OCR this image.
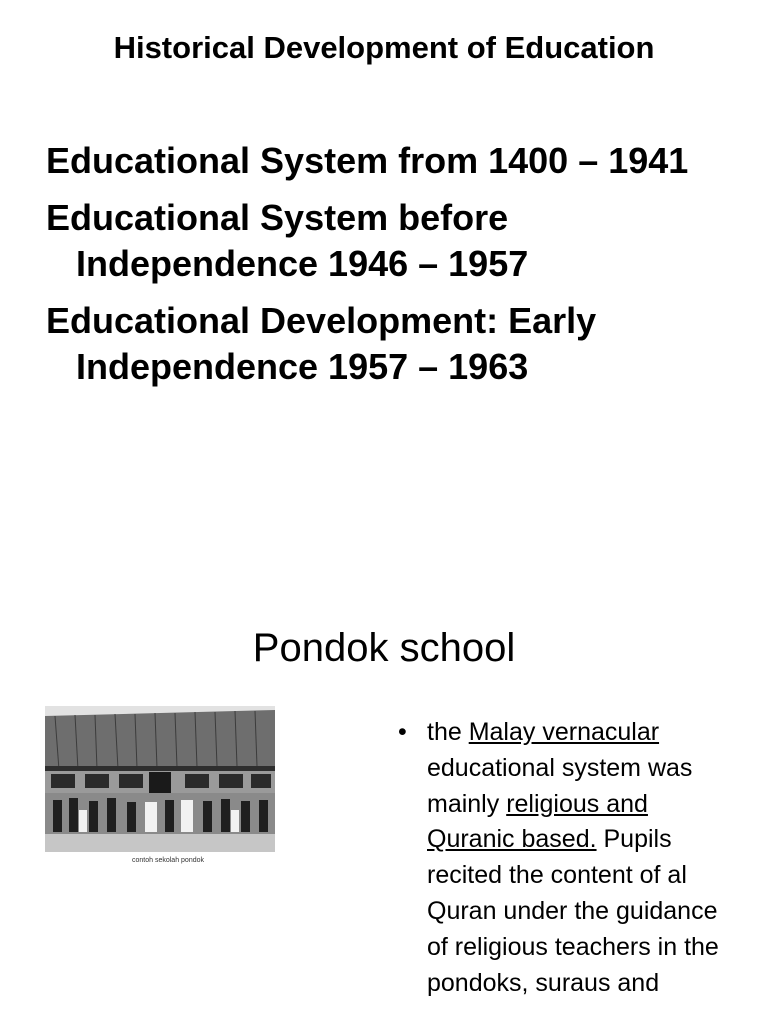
Historical Development of Education
Educational System from 1400 – 1941
Educational System before Independence 1946 – 1957
Educational Development: Early Independence 1957 – 1963
Pondok school
contoh sekolah pondok
• the Malay vernacular educational system was mainly religious and Quranic based. Pupils recited the content of al Quran under the guidance of religious teachers in the pondoks, suraus and
